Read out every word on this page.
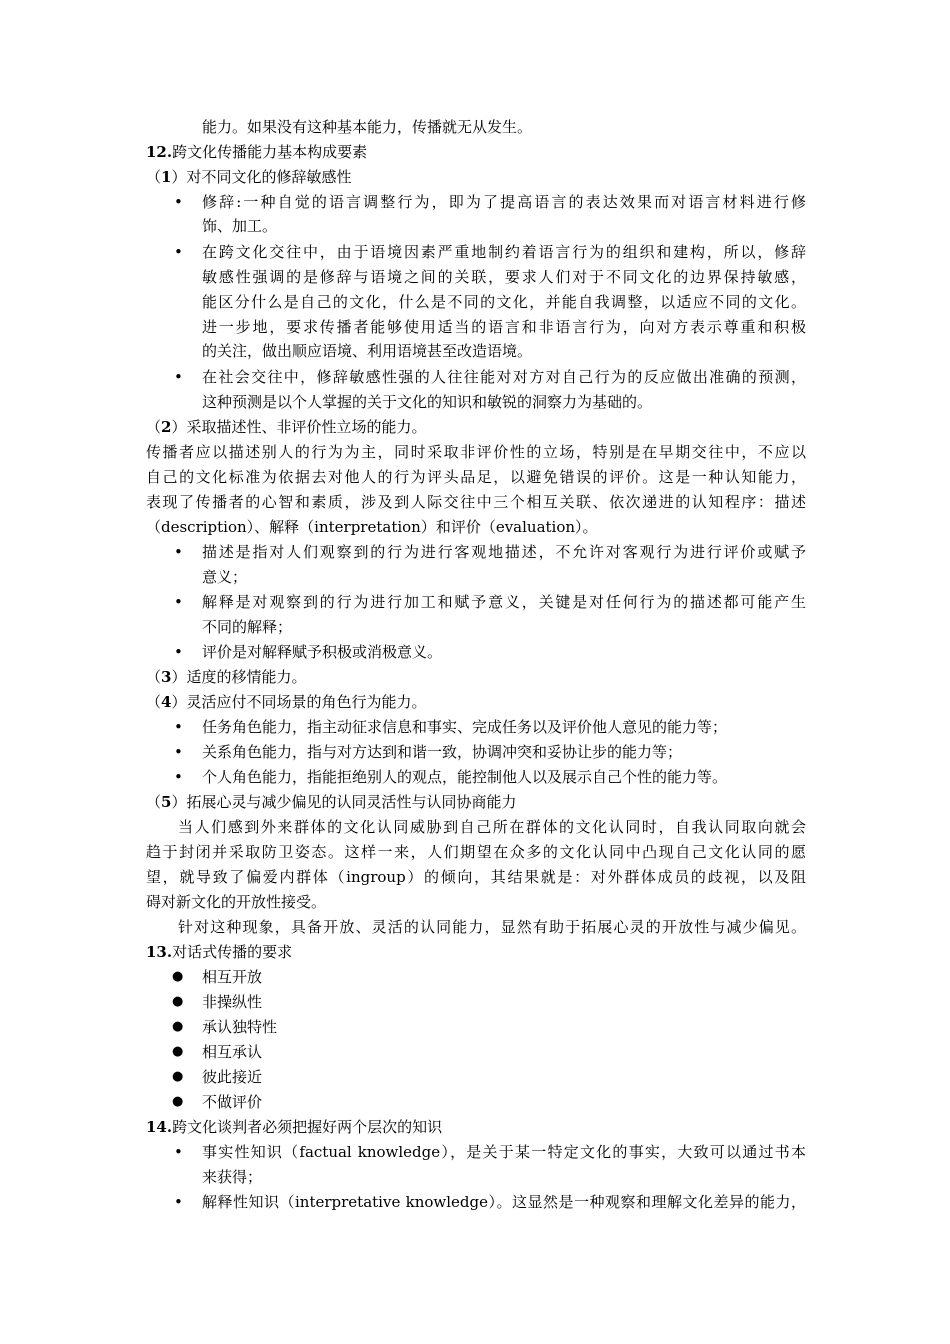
能力。如果没有这种基本能力，传播就无从发生。
12.跨文化传播能力基本构成要素
（1）对不同文化的修辞敏感性
• 修辞:一种自觉的语言调整行为，即为了提高语言的表达效果而对语言材料进行修
饰、加工。
• 在跨文化交往中，由于语境因素严重地制约着语言行为的组织和建构，所以，修辞
敏感性强调的是修辞与语境之间的关联，要求人们对于不同文化的边界保持敏感，
能区分什么是自己的文化，什么是不同的文化，并能自我调整，以适应不同的文化。
进一步地，要求传播者能够使用适当的语言和非语言行为，向对方表示尊重和积极
的关注，做出顺应语境、利用语境甚至改造语境。
• 在社会交往中，修辞敏感性强的人往往能对对方对自己行为的反应做出准确的预测，
这种预测是以个人掌握的关于文化的知识和敏锐的洞察力为基础的。
（2）采取描述性、非评价性立场的能力。
传播者应以描述别人的行为为主，同时采取非评价性的立场，特别是在早期交往中，不应以
自己的文化标准为依据去对他人的行为评头品足，以避免错误的评价。这是一种认知能力，
表现了传播者的心智和素质，涉及到人际交往中三个相互关联、依次递进的认知程序：描述
（description）、解释（interpretation）和评价（evaluation）。
• 描述是指对人们观察到的行为进行客观地描述，不允许对客观行为进行评价或赋予
意义；
• 解释是对观察到的行为进行加工和赋予意义，关键是对任何行为的描述都可能产生
不同的解释；
• 评价是对解释赋予积极或消极意义。
（3）适度的移情能力。
（4）灵活应付不同场景的角色行为能力。
• 任务角色能力，指主动征求信息和事实、完成任务以及评价他人意见的能力等；
• 关系角色能力，指与对方达到和谐一致，协调冲突和妥协让步的能力等；
• 个人角色能力，指能拒绝别人的观点，能控制他人以及展示自己个性的能力等。
（5）拓展心灵与减少偏见的认同灵活性与认同协商能力
当人们感到外来群体的文化认同威胁到自己所在群体的文化认同时，自我认同取向就会
趋于封闭并采取防卫姿态。这样一来，人们期望在众多的文化认同中凸现自己文化认同的愿
望，就导致了偏爱内群体（ingroup）的倾向，其结果就是：对外群体成员的歧视，以及阻
碍对新文化的开放性接受。
针对这种现象，具备开放、灵活的认同能力，显然有助于拓展心灵的开放性与减少偏见。
13.对话式传播的要求
● 相互开放
● 非操纵性
● 承认独特性
● 相互承认
● 彼此接近
● 不做评价
14.跨文化谈判者必须把握好两个层次的知识
• 事实性知识（factual knowledge），是关于某一特定文化的事实，大致可以通过书本
来获得；
• 解释性知识（interpretative knowledge）。这显然是一种观察和理解文化差异的能力，
